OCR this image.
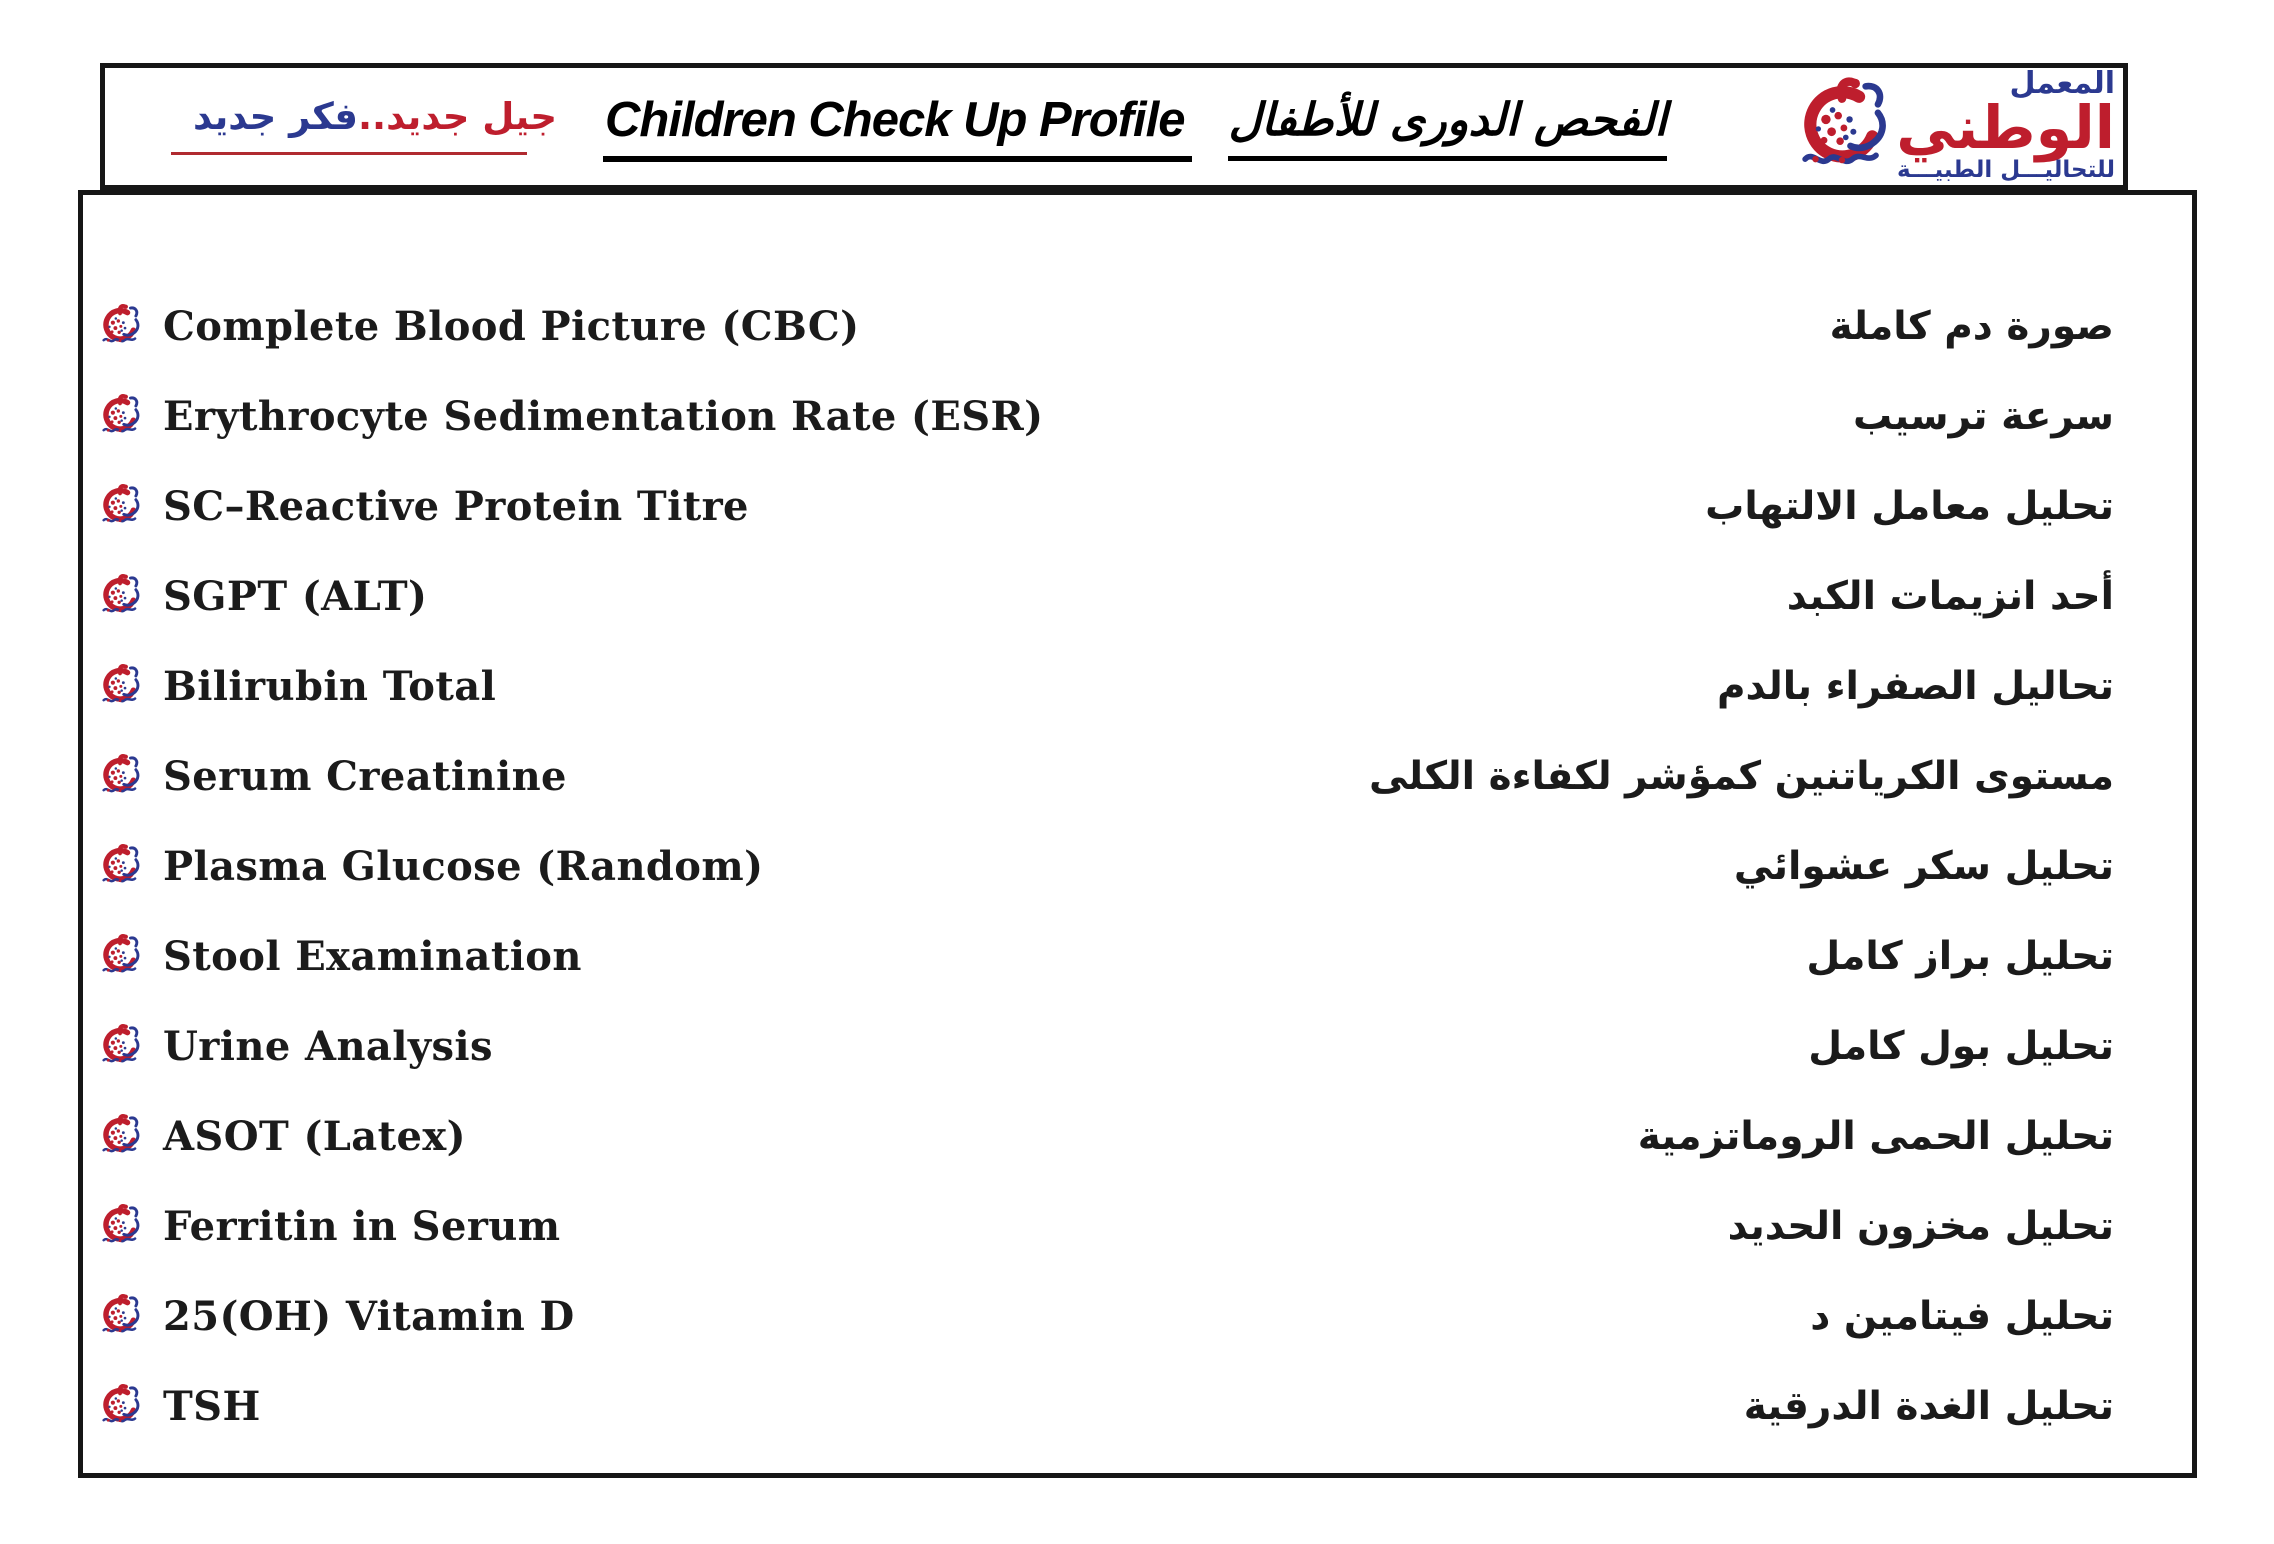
جيل جديد..فكر جديد	Children Check Up Profile الفحص الدورى للأطفال
المعمل
الوطني
للتحاليـــل الطبيـــة
Complete Blood Picture (CBC)	صورة دم كاملة
Erythrocyte Sedimentation Rate (ESR)	سرعة ترسيب
SC–Reactive Protein Titre	تحليل معامل الالتهاب
SGPT (ALT)	أحد انزيمات الكبد
Bilirubin Total	تحاليل الصفراء بالدم
Serum Creatinine	مستوى الكرياتنين كمؤشر لكفاءة الكلى
Plasma Glucose (Random)	تحليل سكر عشوائي
Stool Examination	تحليل براز كامل
Urine Analysis	تحليل بول كامل
ASOT (Latex)	تحليل الحمى الروماتزمية
Ferritin in Serum	تحليل مخزون الحديد
25(OH) Vitamin D	تحليل فيتامين د
TSH	تحليل الغدة الدرقية
